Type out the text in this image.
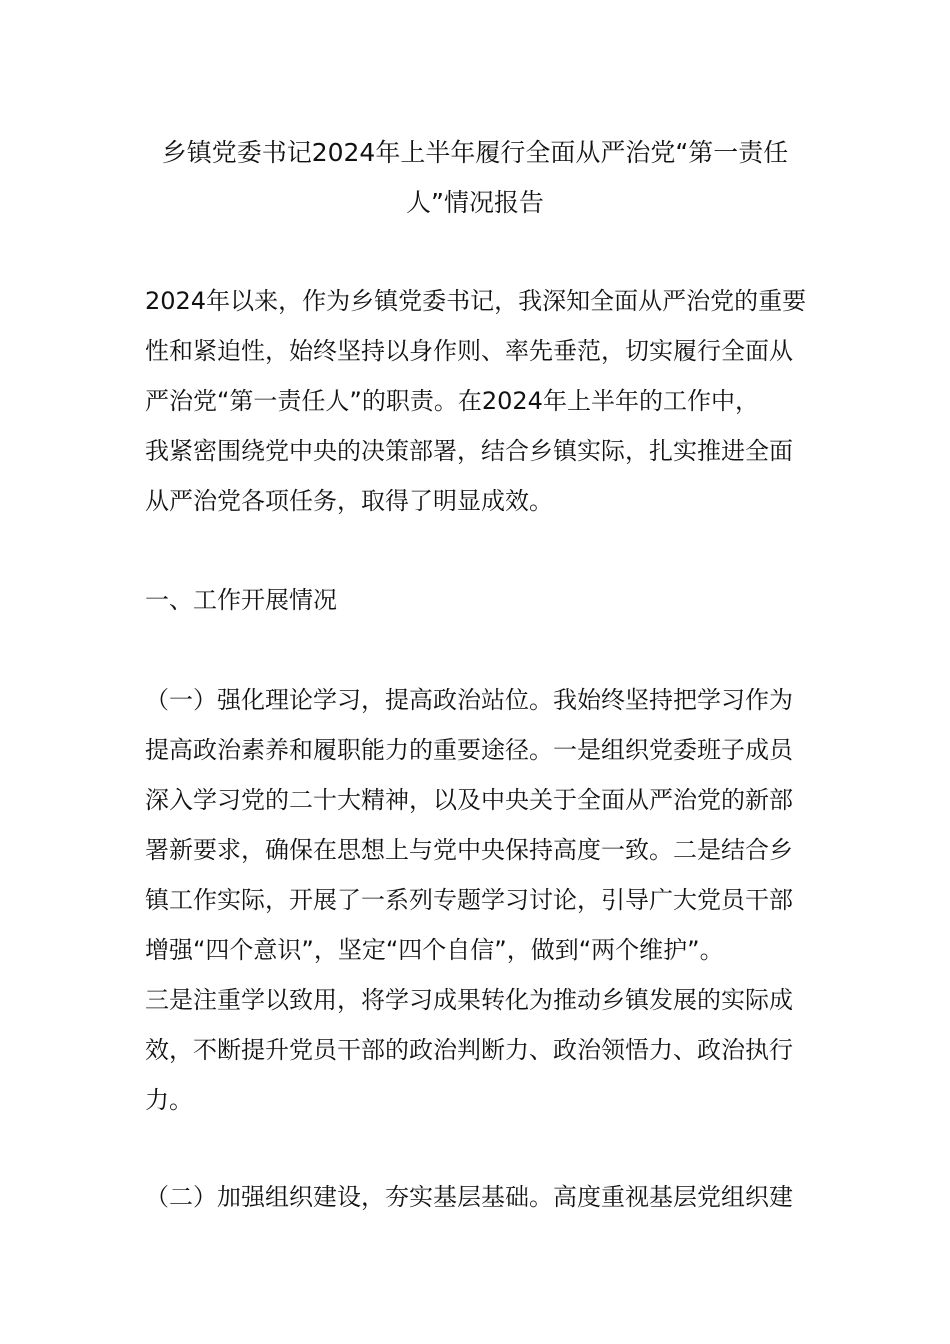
乡镇党委书记2024年上半年履行全面从严治党“第一责任
人”情况报告

2024年以来，作为乡镇党委书记，我深知全面从严治党的重要
性和紧迫性，始终坚持以身作则、率先垂范，切实履行全面从
严治党“第一责任人”的职责。在2024年上半年的工作中，
我紧密围绕党中央的决策部署，结合乡镇实际，扎实推进全面
从严治党各项任务，取得了明显成效。

一、工作开展情况

（一）强化理论学习，提高政治站位。我始终坚持把学习作为
提高政治素养和履职能力的重要途径。一是组织党委班子成员
深入学习党的二十大精神，以及中央关于全面从严治党的新部
署新要求，确保在思想上与党中央保持高度一致。二是结合乡
镇工作实际，开展了一系列专题学习讨论，引导广大党员干部
增强“四个意识”，坚定“四个自信”，做到“两个维护”。
三是注重学以致用，将学习成果转化为推动乡镇发展的实际成
效，不断提升党员干部的政治判断力、政治领悟力、政治执行
力。

（二）加强组织建设，夯实基层基础。高度重视基层党组织建
